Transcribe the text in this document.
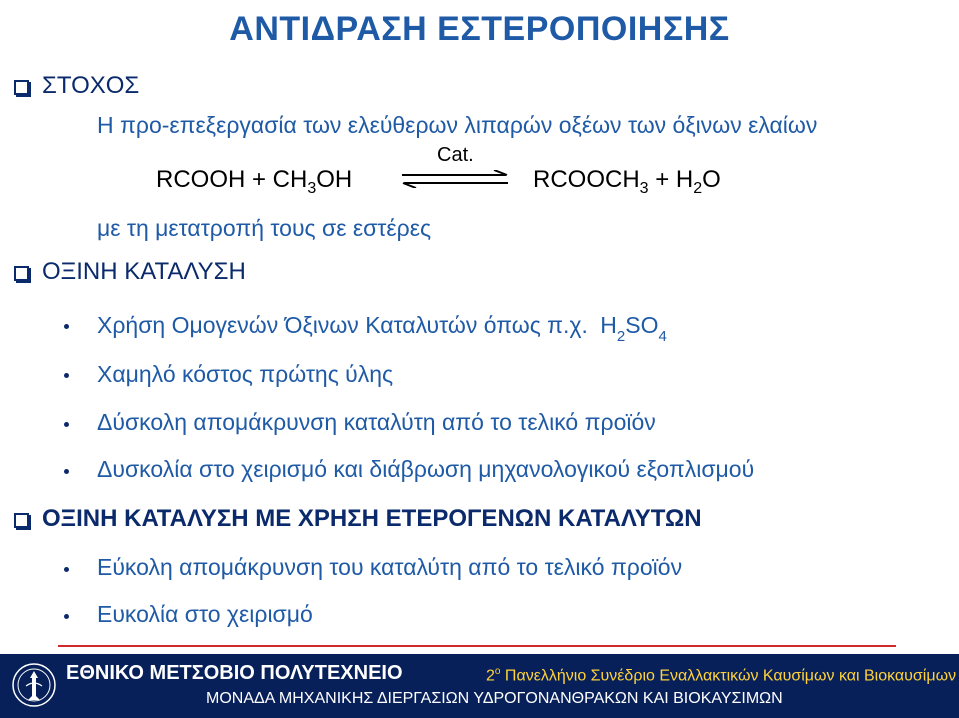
ΑΝΤΙΔΡΑΣΗ ΕΣΤΕΡΟΠΟΙΗΣΗΣ
ΣΤΟΧΟΣ
Η προ-επεξεργασία των ελεύθερων λιπαρών οξέων των όξινων ελαίων
RCOOH + $CH_3OH$
Cat.
$RCOOCH_3 + H_2O$
με τη μετατροπή τους σε εστέρες
ΟΞΙΝΗ ΚΑΤΑΛΥΣΗ
Χρήση Ομογενών Όξινων Καταλυτών όπως π.χ. $H_2SO_4$
Χαμηλό κόστος πρώτης ύλης
Δύσκολη απομάκρυνση καταλύτη από το τελικό προϊόν
Δυσκολία στο χειρισμό και διάβρωση μηχανολογικού εξοπλισμού
ΟΞΙΝΗ ΚΑΤΑΛΥΣΗ ΜΕ ΧΡΗΣΗ ΕΤΕΡΟΓΕΝΩΝ ΚΑΤΑΛΥΤΩΝ
Εύκολη απομάκρυνση του καταλύτη από το τελικό προϊόν
Ευκολία στο χειρισμό
ΕΘΝΙΚΟ ΜΕΤΣΟΒΙΟ ΠΟΛΥΤΕΧΝΕΙΟ	$2^o$ Πανελλήνιο Συνέδριο Εναλλακτικών Καυσίμων και Βιοκαυσίμων
ΜΟΝΑΔΑ ΜΗΧΑΝΙΚΗΣ ΔΙΕΡΓΑΣΙΩΝ ΥΔΡΟΓΟΝΑΝΘΡΑΚΩΝ ΚΑΙ ΒΙΟΚΑΥΣΙΜΩΝ
